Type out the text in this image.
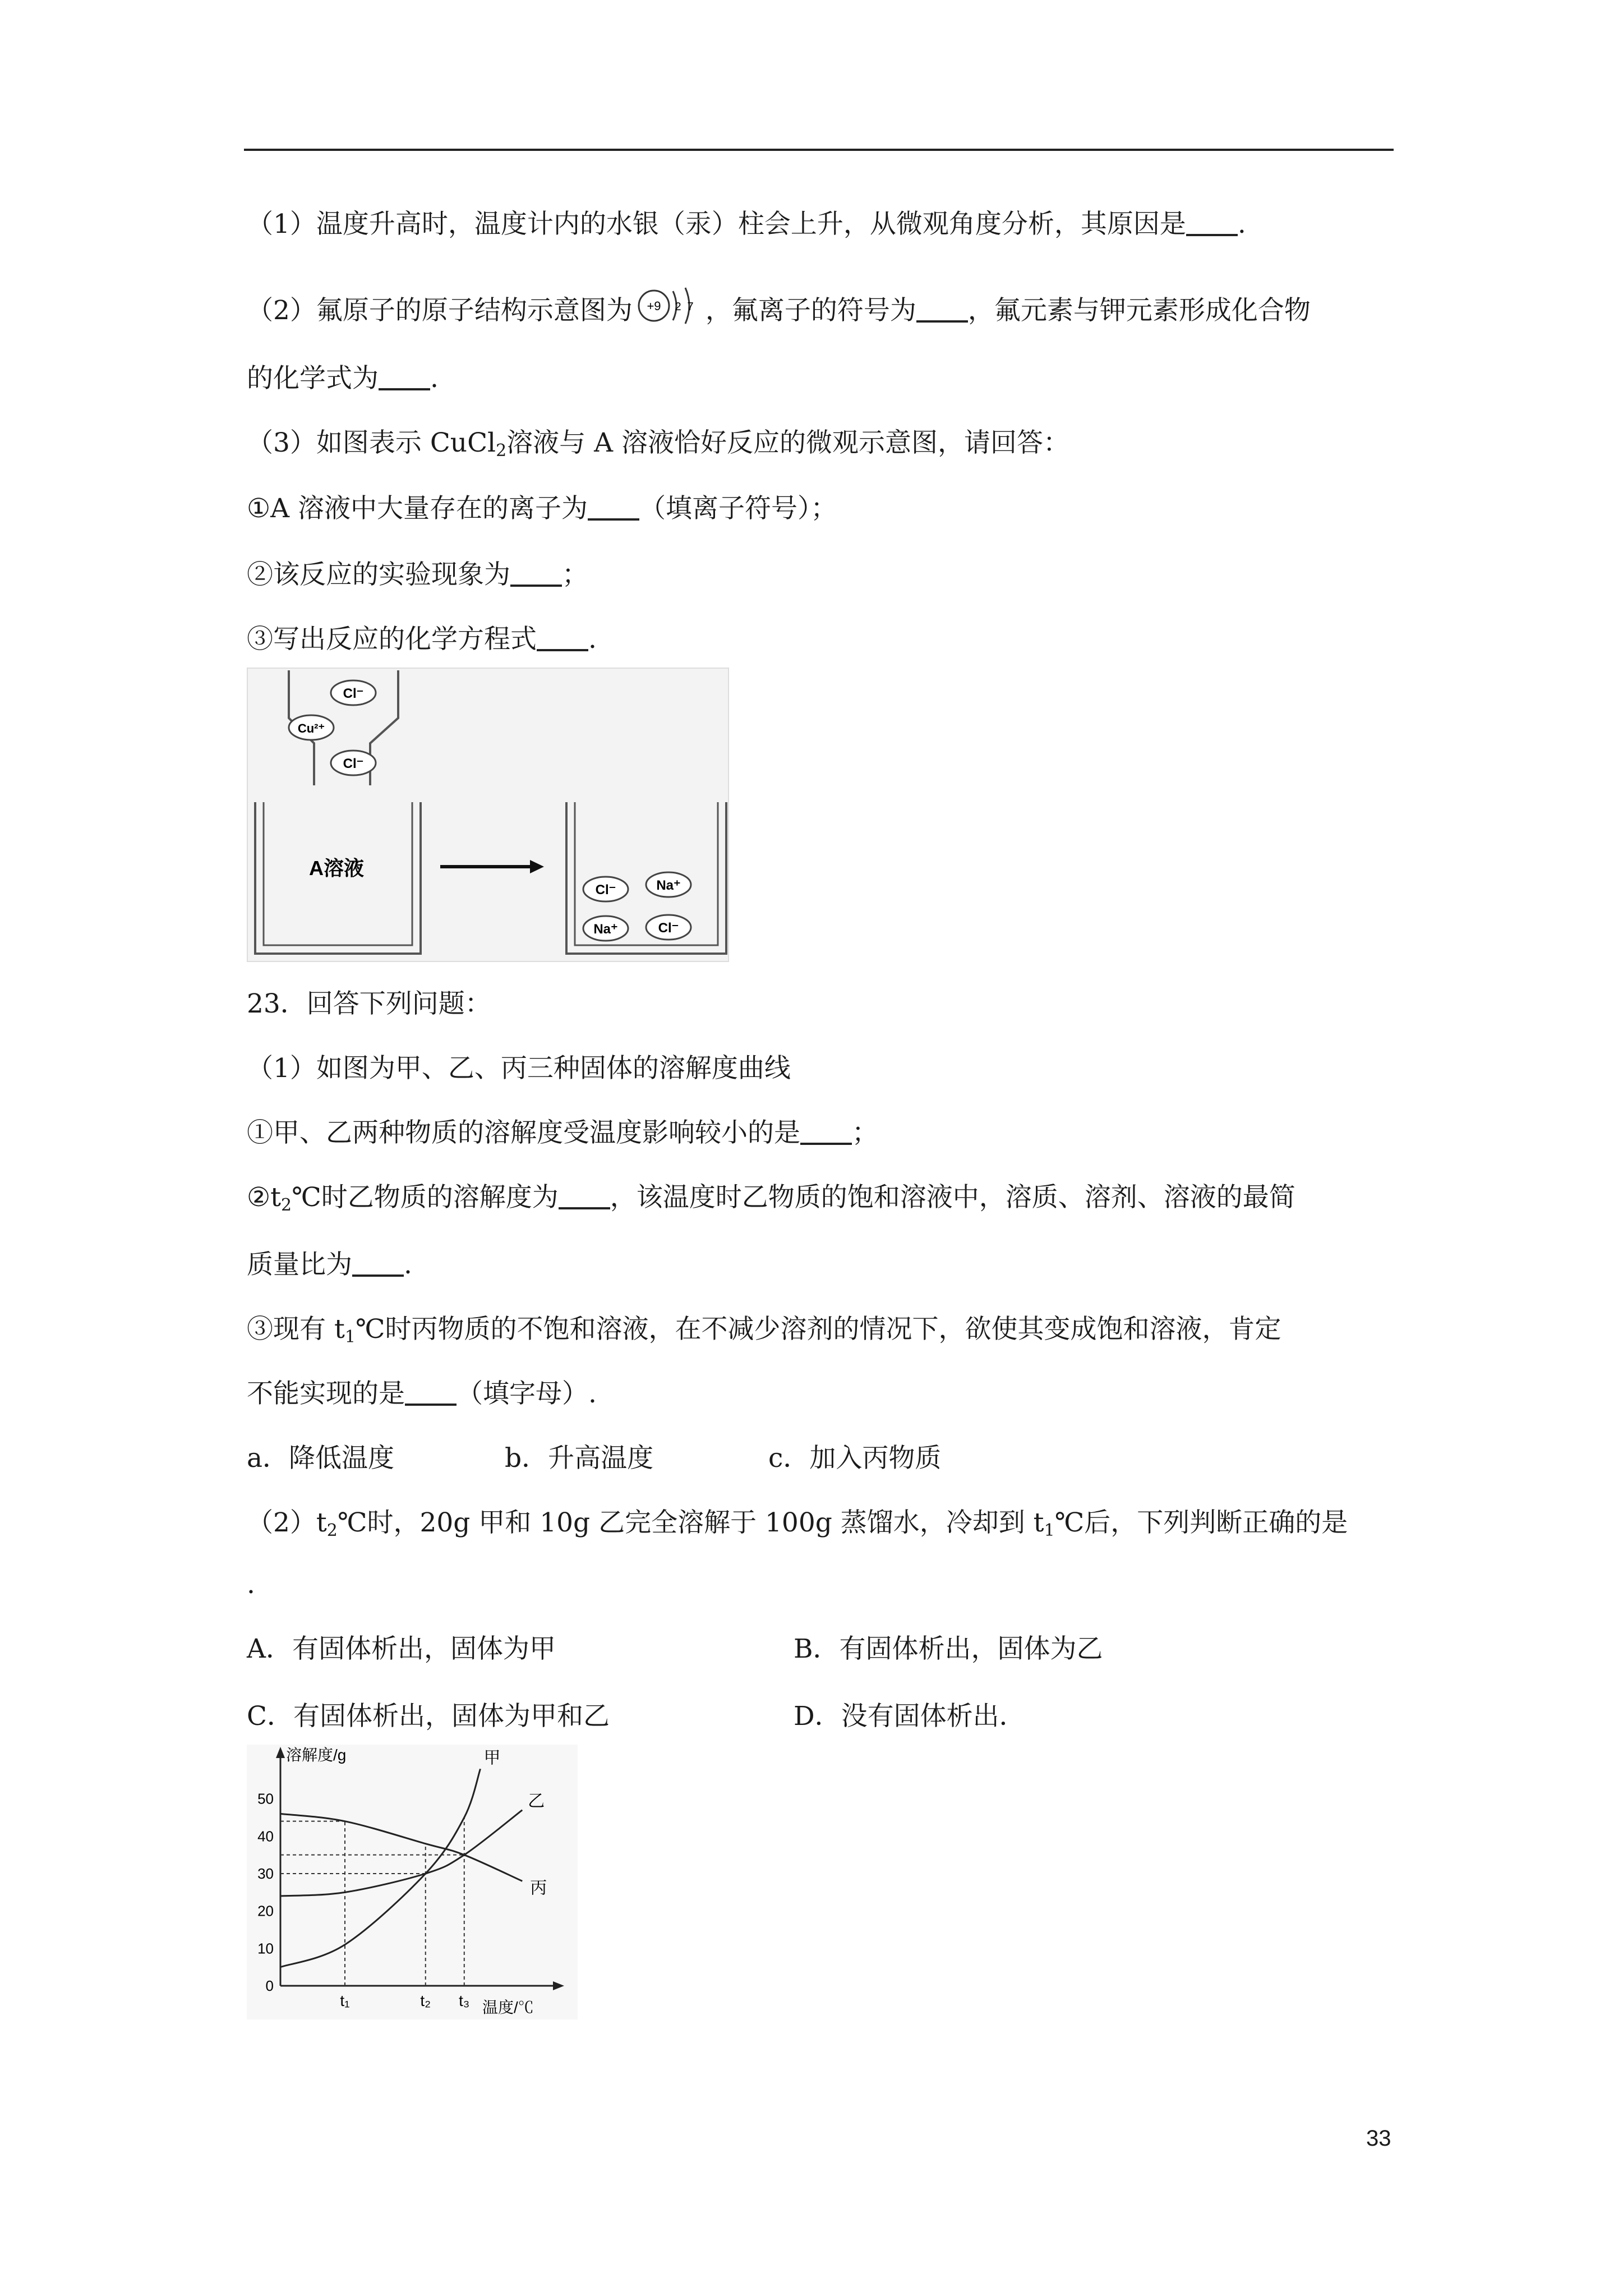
（1）温度升高时，温度计内的水银（汞）柱会上升，从微观角度分析，其原因是 .
（2）氟原子的原子结构示意图为 +9 2 7 ，氟离子的符号为 ，氟元素与钾元素形成化合物
的化学式为 .
（3）如图表示 CuCl$_2$溶液与 A 溶液恰好反应的微观示意图，请回答：
①A 溶液中大量存在的离子为 （填离子符号）；
②该反应的实验现象为 ；
③写出反应的化学方程式 .
Cl⁻
Cu²⁺
Cl⁻
A溶液
Cl⁻	Na⁺
Na⁺	Cl⁻
23．回答下列问题：
（1）如图为甲、乙、丙三种固体的溶解度曲线
①甲、乙两种物质的溶解度受温度影响较小的是 ；
$②t_2℃$时乙物质的溶解度为 ，该温度时乙物质的饱和溶液中，溶质、溶剂、溶液的最简
质量比为 .
③现有 $t_1℃$时丙物质的不饱和溶液，在不减少溶剂的情况下，欲使其变成饱和溶液，肯定
不能实现的是 （填字母）.
a．降低温度	b．升高温度	c．加入丙物质
$(2)t_2℃$时，20g 甲和 10g 乙完全溶解于 100g 蒸馏水，冷却到 $t_1℃$后，下列判断正确的是
.
A．有固体析出，固体为甲	B．有固体析出，固体为乙
C．有固体析出，固体为甲和乙	D．没有固体析出．
溶解度/g
温度/℃
0
10
20
30
40
50
t₁	t₂ t₃
甲
乙
丙
33
